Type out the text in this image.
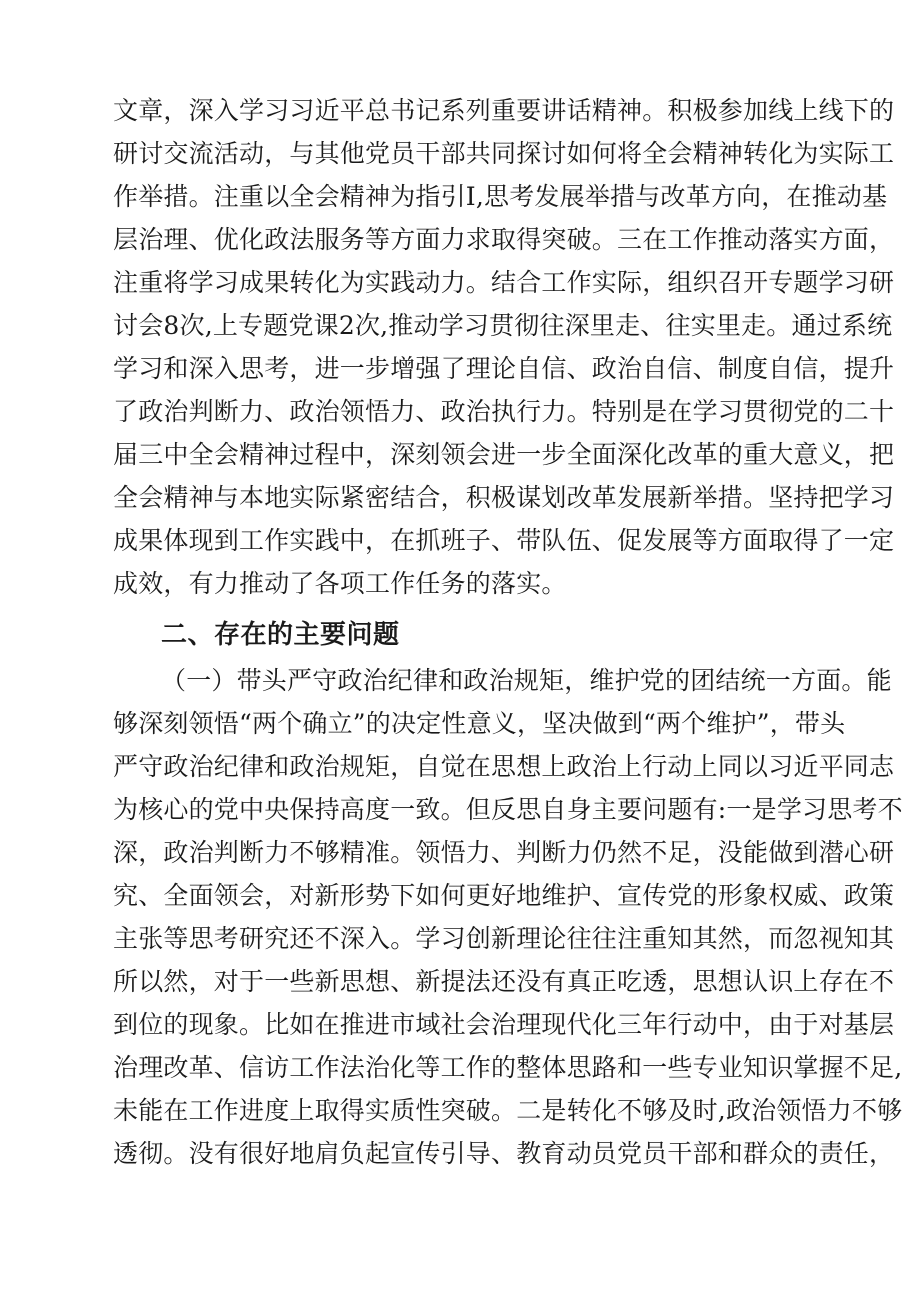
文章，深入学习习近平总书记系列重要讲话精神。积极参加线上线下的
研讨交流活动，与其他党员干部共同探讨如何将全会精神转化为实际工
作举措。注重以全会精神为指引I,思考发展举措与改革方向，在推动基
层治理、优化政法服务等方面力求取得突破。三在工作推动落实方面，
注重将学习成果转化为实践动力。结合工作实际，组织召开专题学习研
讨会8次,上专题党课2次,推动学习贯彻往深里走、往实里走。通过系统
学习和深入思考，进一步增强了理论自信、政治自信、制度自信，提升
了政治判断力、政治领悟力、政治执行力。特别是在学习贯彻党的二十
届三中全会精神过程中，深刻领会进一步全面深化改革的重大意义，把
全会精神与本地实际紧密结合，积极谋划改革发展新举措。坚持把学习
成果体现到工作实践中，在抓班子、带队伍、促发展等方面取得了一定
成效，有力推动了各项工作任务的落实。
二、存在的主要问题
（一）带头严守政治纪律和政治规矩，维护党的团结统一方面。能
够深刻领悟“两个确立”的决定性意义，坚决做到“两个维护”，带头
严守政治纪律和政治规矩，自觉在思想上政治上行动上同以习近平同志
为核心的党中央保持高度一致。但反思自身主要问题有:一是学习思考不
深，政治判断力不够精准。领悟力、判断力仍然不足，没能做到潜心研
究、全面领会，对新形势下如何更好地维护、宣传党的形象权威、政策
主张等思考研究还不深入。学习创新理论往往注重知其然，而忽视知其
所以然，对于一些新思想、新提法还没有真正吃透，思想认识上存在不
到位的现象。比如在推进市域社会治理现代化三年行动中，由于对基层
治理改革、信访工作法治化等工作的整体思路和一些专业知识掌握不足,
未能在工作进度上取得实质性突破。二是转化不够及时,政治领悟力不够
透彻。没有很好地肩负起宣传引导、教育动员党员干部和群众的责任，
